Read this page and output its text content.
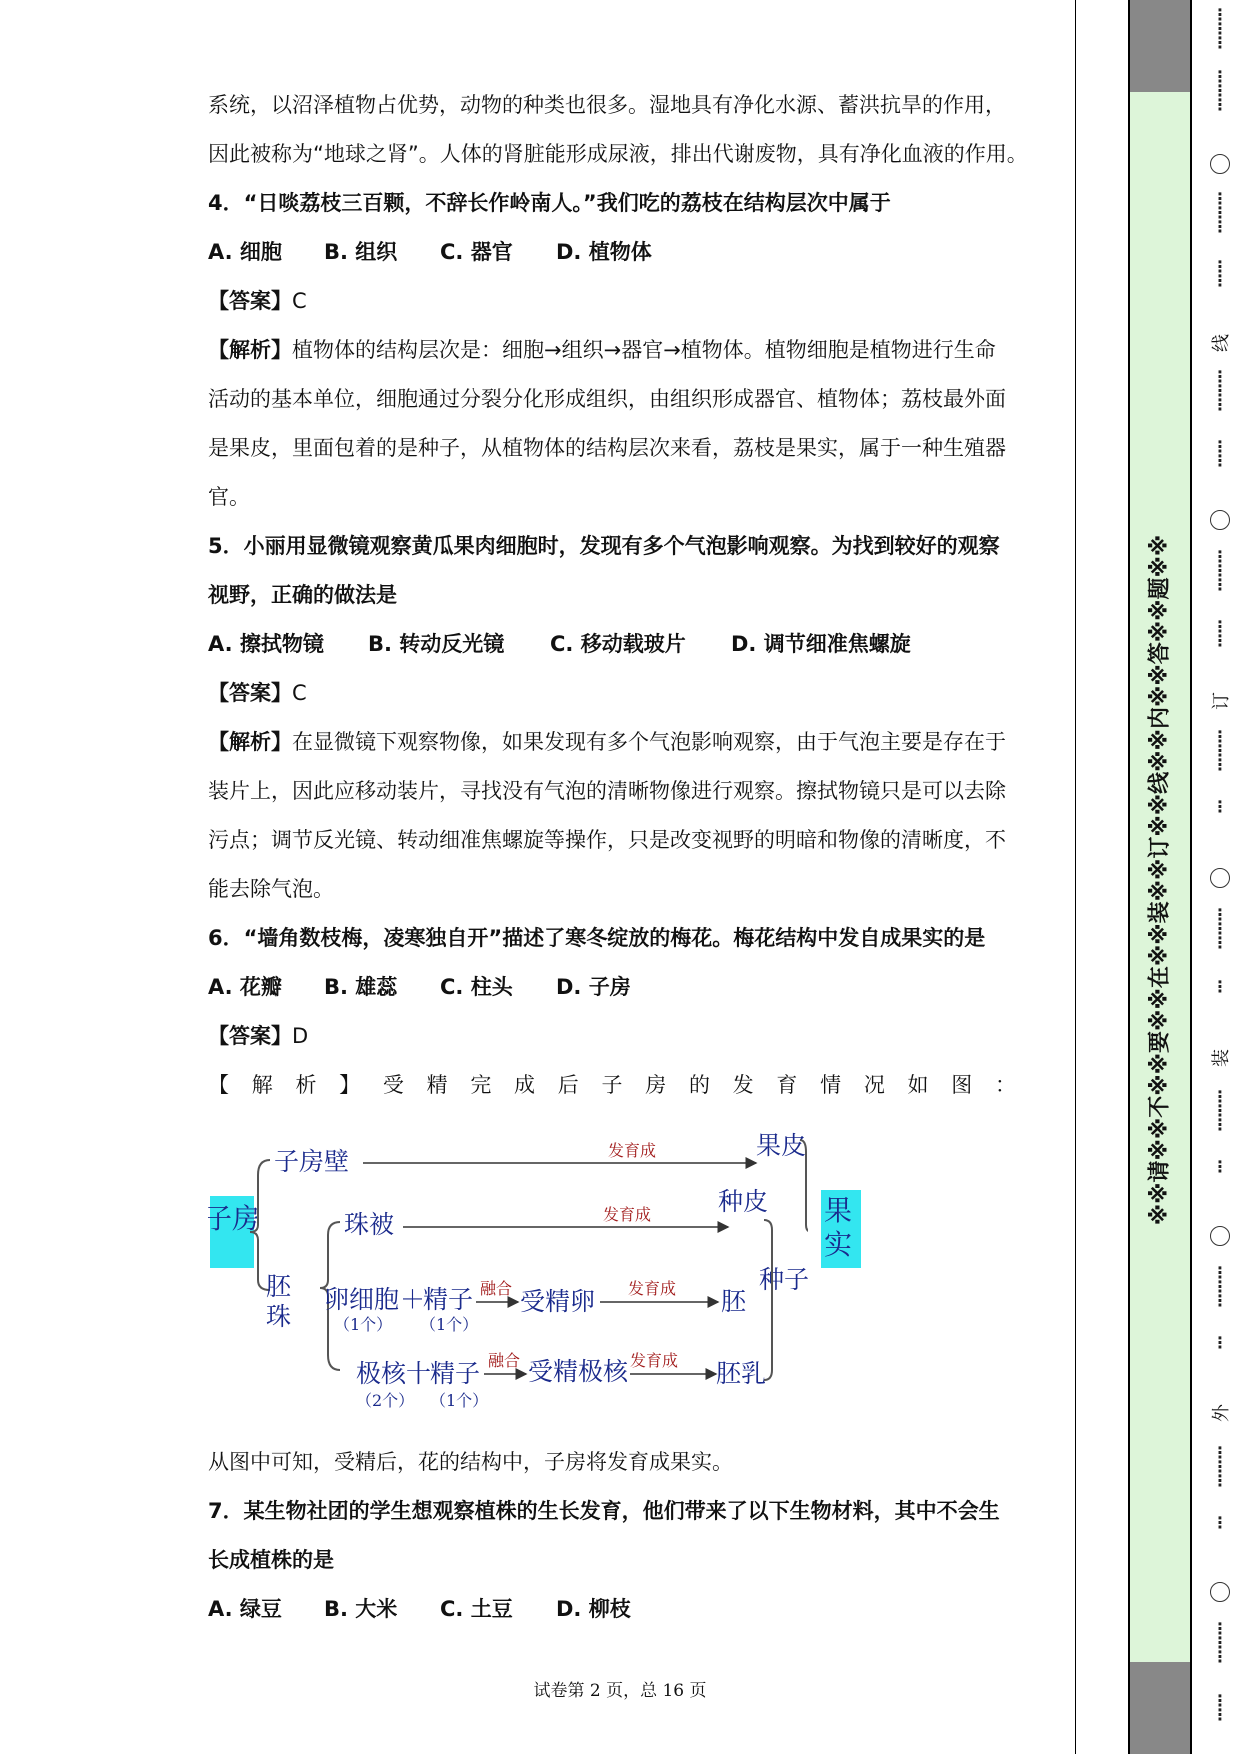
系统，以沼泽植物占优势，动物的种类也很多。湿地具有净化水源、蓄洪抗旱的作用，
因此被称为“地球之肾”。人体的肾脏能形成尿液，排出代谢废物，具有净化血液的作用。
4．“日啖荔枝三百颗，不辞长作岭南人。”我们吃的荔枝在结构层次中属于
A. 细胞 B. 组织 C. 器官 D. 植物体
【答案】C
【解析】植物体的结构层次是：细胞→组织→器官→植物体。植物细胞是植物进行生命
活动的基本单位，细胞通过分裂分化形成组织，由组织形成器官、植物体；荔枝最外面
是果皮，里面包着的是种子，从植物体的结构层次来看，荔枝是果实，属于一种生殖器
官。
5．小丽用显微镜观察黄瓜果肉细胞时，发现有多个气泡影响观察。为找到较好的观察
视野，正确的做法是
A. 擦拭物镜 B. 转动反光镜 C. 移动载玻片 D. 调节细准焦螺旋
【答案】C
【解析】在显微镜下观察物像，如果发现有多个气泡影响观察，由于气泡主要是存在于
装片上，因此应移动装片，寻找没有气泡的清晰物像进行观察。擦拭物镜只是可以去除
污点；调节反光镜、转动细准焦螺旋等操作，只是改变视野的明暗和物像的清晰度，不
能去除气泡。
6．“墙角数枝梅，凌寒独自开”描述了寒冬绽放的梅花。梅花结构中发自成果实的是
A. 花瓣 B. 雄蕊 C. 柱头 D. 子房
【答案】D
【 解 析 】 受 精 完 成 后 子 房 的 发 育 情 况 如 图 ：
子房
子房壁	发育成
珠被	发育成
卵细胞 ＋
精子
（1个） （1个）
融合 受精卵 发育成 胚
极核 十
精子
（2个） （1个）
融合 受精极核 发育成
果皮
种皮
胚乳
种子
胚珠
果实
从图中可知，受精后，花的结构中，子房将发育成果实。
7．某生物社团的学生想观察植株的生长发育，他们带来了以下生物材料，其中不会生
长成植株的是
A. 绿豆 B. 大米 C. 土豆 D. 柳枝
试卷第 2 页，总 16 页
※※请※※不※※要※※在※※装※※订※※线※※内※※答※※题※※
⋮
⋮
⋮
⋮
⋮
⋮
⋮
⋮
⋮
⋮
⋮
线
⋮
⋮
⋮
⋮
⋮
⋮
⋮
⋮
⋮
⋮
订
⋮
⋮
⋮
⋮
⋮
⋮
⋮
⋮
装
⋮
⋮
⋮
⋮
⋮
⋮
⋮
⋮
外
⋮
⋮
⋮
⋮
⋮
⋮
⋮
⋮
⋮
